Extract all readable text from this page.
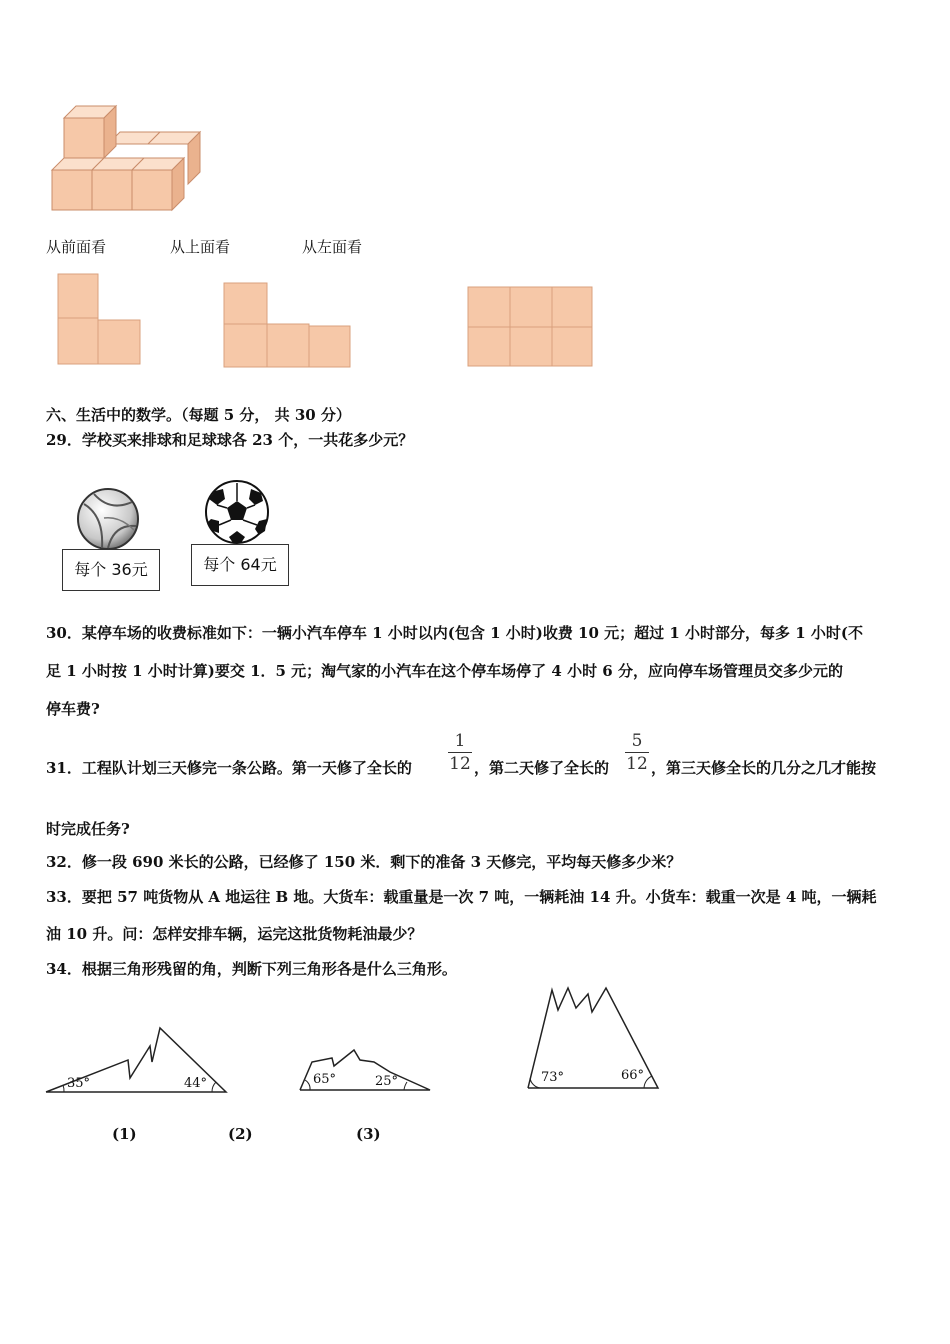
从前面看	从上面看	从左面看
六、生活中的数学。（每题 5 分， 共 30 分）
29．学校买来排球和足球球各 23 个，一共花多少元？
每个 36元	每个 64元
30．某停车场的收费标准如下：一辆小汽车停车 1 小时以内(包含 1 小时)收费 10 元；超过 1 小时部分，每多 1 小时(不
足 1 小时按 1 小时计算)要交 1．5 元；淘气家的小汽车在这个停车场停了 4 小时 6 分，应向停车场管理员交多少元的
停车费?
31．工程队计划三天修完一条公路。第一天修了全长的
1
12 ，第二天修了全长的
5
12 ，第三天修全长的几分之几才能按
时完成任务?
32．修一段 690 米长的公路，已经修了 150 米．剩下的准备 3 天修完，平均每天修多少米？
33．要把 57 吨货物从 A 地运往 B 地。大货车：载重量是一次 7 吨，一辆耗油 14 升。小货车：载重一次是 4 吨，一辆耗
油 10 升。问：怎样安排车辆，运完这批货物耗油最少？
34．根据三角形残留的角，判断下列三角形各是什么三角形。
35°	44°	65°	25°	73°	66°
(1)	(2)	(3)
